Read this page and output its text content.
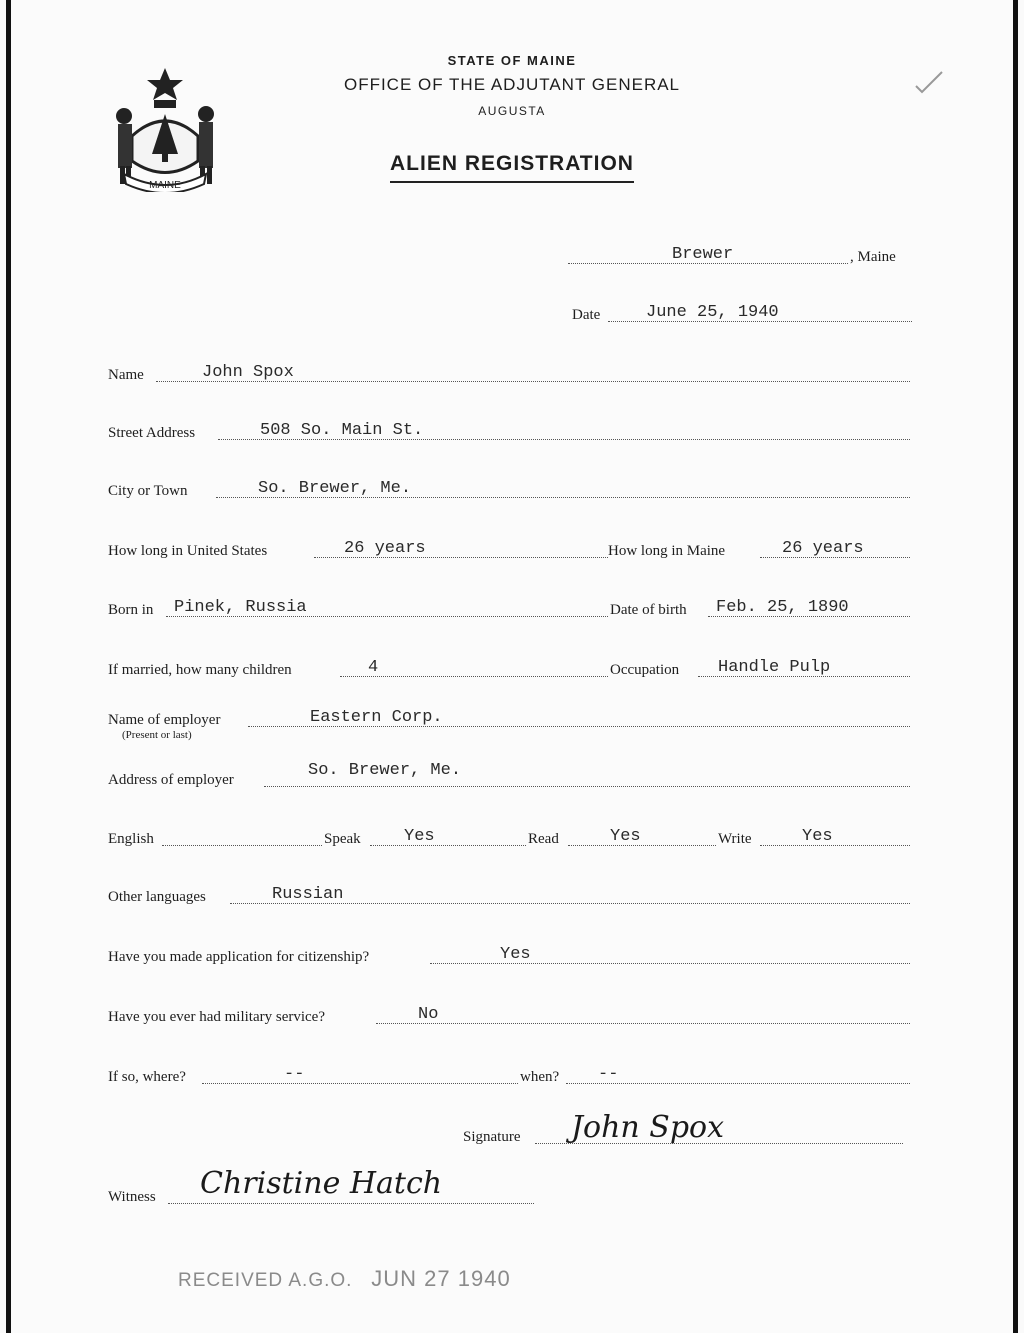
MAINE
STATE OF MAINE
OFFICE OF THE ADJUTANT GENERAL
AUGUSTA
ALIEN REGISTRATION
Brewer	, Maine
Date	June 25, 1940
Name	John Spox
Street Address	508 So. Main St.
City or Town	So. Brewer, Me.
How long in United States	26 years	How long in Maine	26 years
Born in Pinek, Russia	Date of birth Feb. 25, 1890
If married, how many children	4	Occupation Handle Pulp
Name of employer	Eastern Corp.
(Present or last)
Address of employer	So. Brewer, Me.
English	Speak	Yes	Read	Yes	Write	Yes
Other languages	Russian
Have you made application for citizenship?	Yes
Have you ever had military service?	No
If so, where?	--	when? --
Signature John Spox
Witness Christine Hatch
RECEIVED A.G.O. JUN 27 1940
